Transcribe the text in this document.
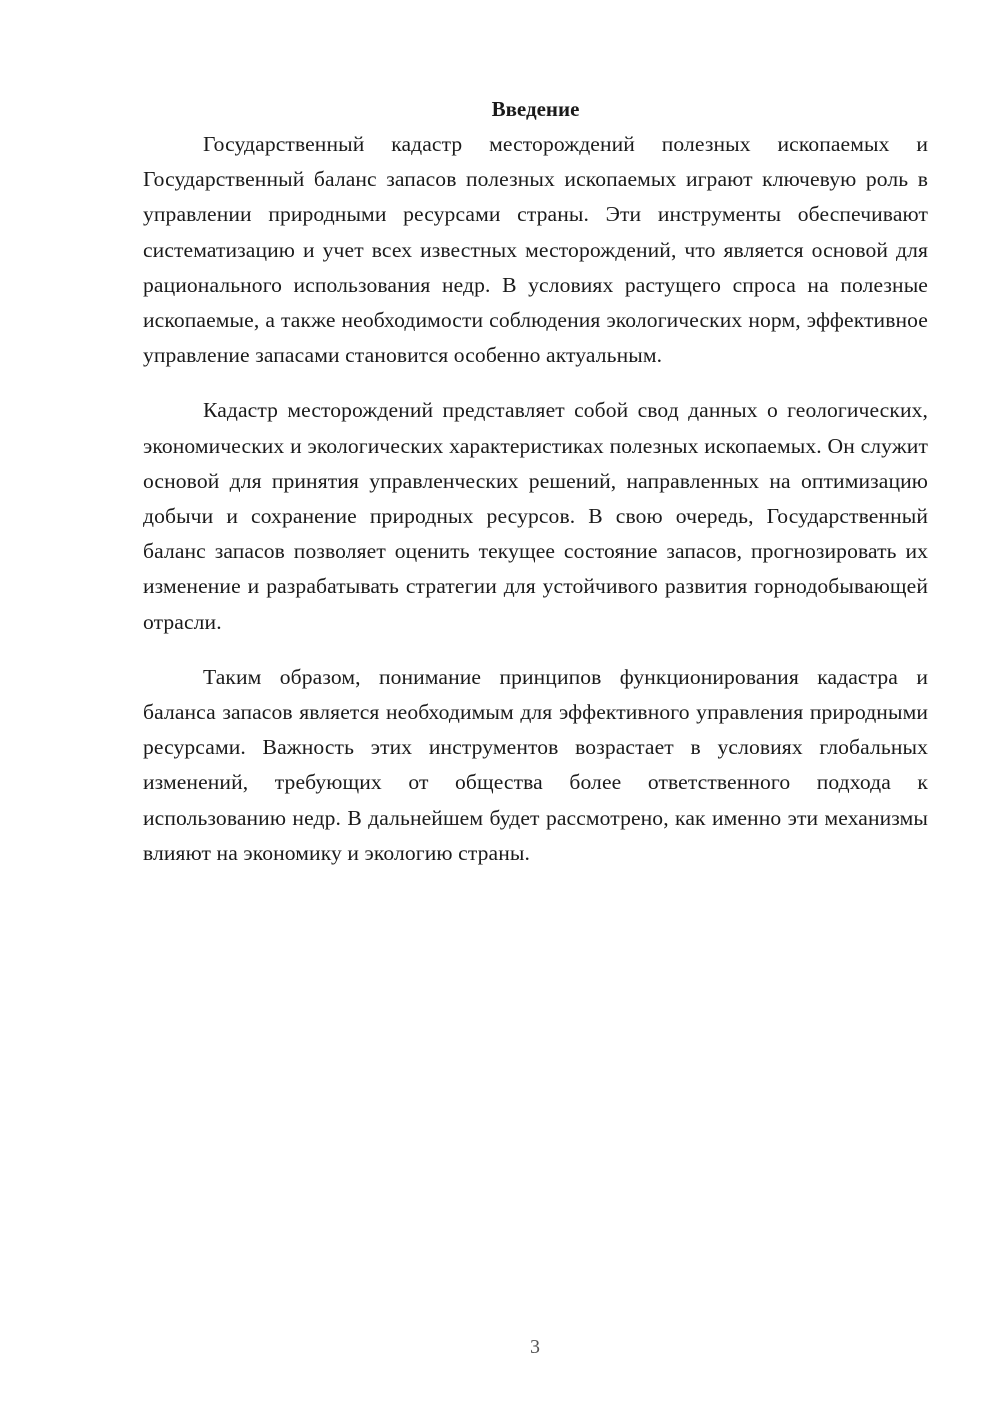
Введение

Государственный кадастр месторождений полезных ископаемых и Государственный баланс запасов полезных ископаемых играют ключевую роль в управлении природными ресурсами страны. Эти инструменты обеспечивают систематизацию и учет всех известных месторождений, что является основой для рационального использования недр. В условиях растущего спроса на полезные ископаемые, а также необходимости соблюдения экологических норм, эффективное управление запасами становится особенно актуальным.

Кадастр месторождений представляет собой свод данных о геологических, экономических и экологических характеристиках полезных ископаемых. Он служит основой для принятия управленческих решений, направленных на оптимизацию добычи и сохранение природных ресурсов. В свою очередь, Государственный баланс запасов позволяет оценить текущее состояние запасов, прогнозировать их изменение и разрабатывать стратегии для устойчивого развития горнодобывающей отрасли.

Таким образом, понимание принципов функционирования кадастра и баланса запасов является необходимым для эффективного управления природными ресурсами. Важность этих инструментов возрастает в условиях глобальных изменений, требующих от общества более ответственного подхода к использованию недр. В дальнейшем будет рассмотрено, как именно эти механизмы влияют на экономику и экологию страны.

3
